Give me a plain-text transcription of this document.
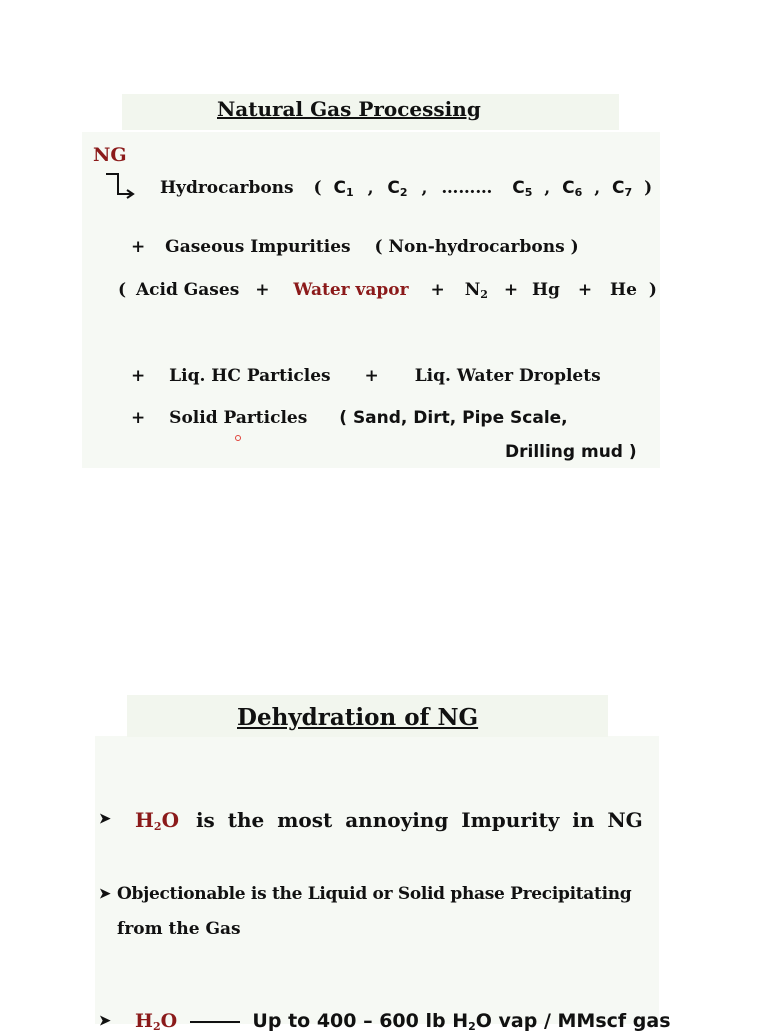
Natural Gas Processing
NG
Hydrocarbons ( $C_1$ , $C_2$ , ……… $C_5$ , $C_6$ , $C_7$ )
+ Gaseous Impurities ( Non-hydrocarbons )
( Acid Gases + Water vapor + $N_2 + Hg + He$ )
+ Liq. HC Particles + Liq. Water Droplets
+ Solid Particles ( Sand, Dirt, Pipe Scale,
Drilling mud )
Dehydration of NG
➤ $H_2O$ is the most annoying Impurity in NG
➤ Objectionable is the Liquid or Solid phase Precipitating
from the Gas
➤ $H_2O$	Up to 400 – 600 lb $H_2O$ vap / MMscf gas
